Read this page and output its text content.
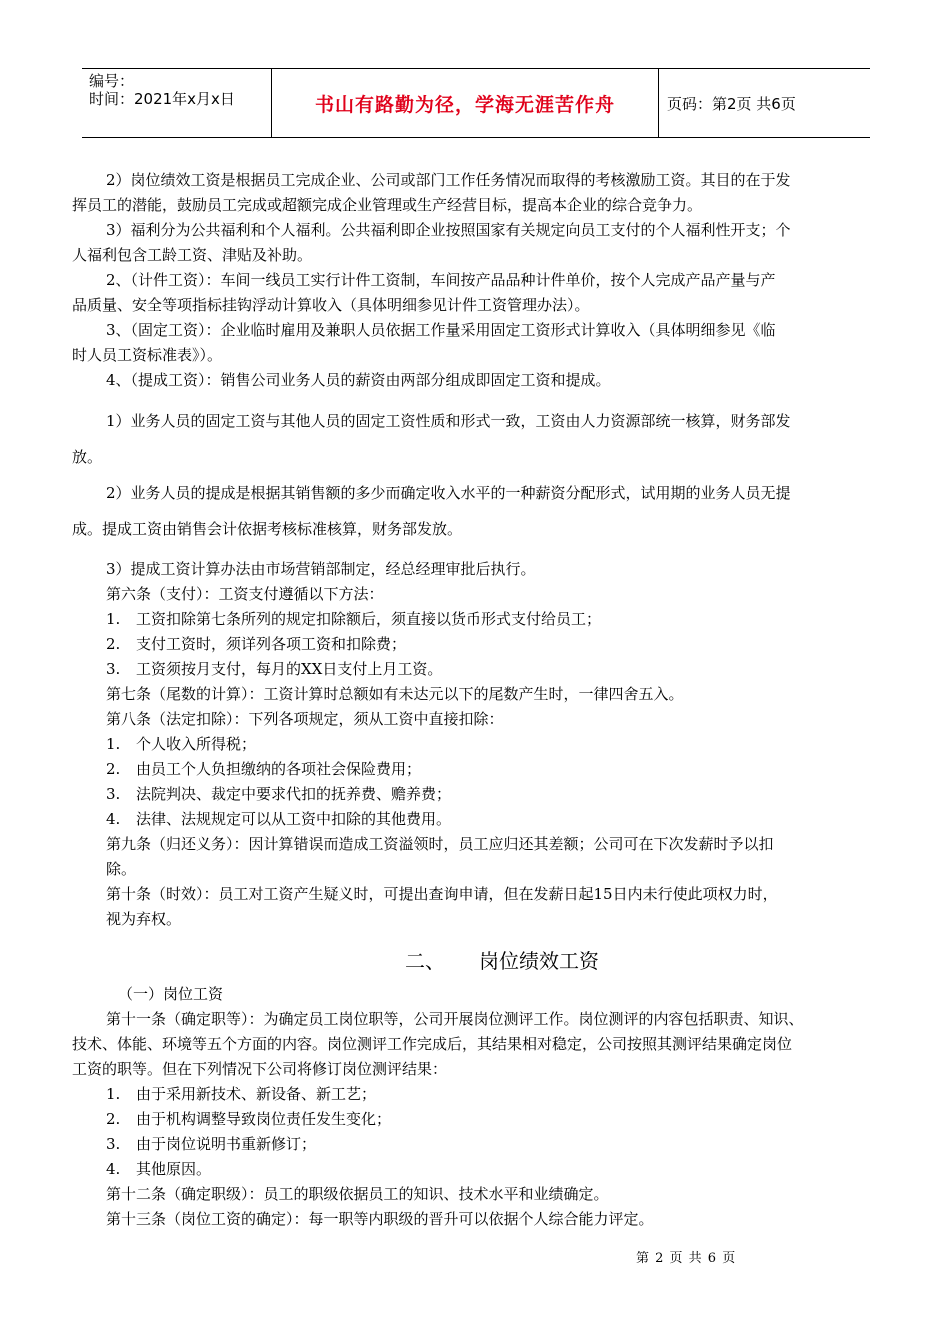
编号：
时间：2021年x月x日	书山有路勤为径，学海无涯苦作舟	页码：第2页 共6页

2）岗位绩效工资是根据员工完成企业、公司或部门工作任务情况而取得的考核激励工资。其目的在于发
挥员工的潜能，鼓励员工完成或超额完成企业管理或生产经营目标，提高本企业的综合竞争力。

3）福利分为公共福利和个人福利。公共福利即企业按照国家有关规定向员工支付的个人福利性开支；个
人福利包含工龄工资、津贴及补助。

2、（计件工资）：车间一线员工实行计件工资制，车间按产品品种计件单价，按个人完成产品产量与产
品质量、安全等项指标挂钩浮动计算收入（具体明细参见计件工资管理办法）。

3、（固定工资）：企业临时雇用及兼职人员依据工作量采用固定工资形式计算收入（具体明细参见《临
时人员工资标准表》）。

4、（提成工资）：销售公司业务人员的薪资由两部分组成即固定工资和提成。

1）业务人员的固定工资与其他人员的固定工资性质和形式一致，工资由人力资源部统一核算，财务部发
放。

2）业务人员的提成是根据其销售额的多少而确定收入水平的一种薪资分配形式，试用期的业务人员无提
成。提成工资由销售会计依据考核标准核算，财务部发放。

3）提成工资计算办法由市场营销部制定，经总经理审批后执行。

第六条（支付）：工资支付遵循以下方法：

1.	工资扣除第七条所列的规定扣除额后，须直接以货币形式支付给员工；
2.	支付工资时，须详列各项工资和扣除费；
3.	工资须按月支付，每月的XX日支付上月工资。

第七条（尾数的计算）：工资计算时总额如有未达元以下的尾数产生时，一律四舍五入。

第八条（法定扣除）：下列各项规定，须从工资中直接扣除：

1.	个人收入所得税；
2.	由员工个人负担缴纳的各项社会保险费用；
3.	法院判决、裁定中要求代扣的抚养费、赡养费；
4.	法律、法规规定可以从工资中扣除的其他费用。

第九条（归还义务）：因计算错误而造成工资溢领时，员工应归还其差额；公司可在下次发薪时予以扣
除。

第十条（时效）：员工对工资产生疑义时，可提出查询申请，但在发薪日起15日内未行使此项权力时，
视为弃权。

二、 岗位绩效工资

（一）岗位工资

第十一条（确定职等）：为确定员工岗位职等，公司开展岗位测评工作。岗位测评的内容包括职责、知识、
技术、体能、环境等五个方面的内容。岗位测评工作完成后，其结果相对稳定，公司按照其测评结果确定岗位
工资的职等。但在下列情况下公司将修订岗位测评结果：

1.	由于采用新技术、新设备、新工艺；
2.	由于机构调整导致岗位责任发生变化；
3.	由于岗位说明书重新修订；
4.	其他原因。

第十二条（确定职级）：员工的职级依据员工的知识、技术水平和业绩确定。

第十三条（岗位工资的确定）：每一职等内职级的晋升可以依据个人综合能力评定。

第 2 页 共 6 页
